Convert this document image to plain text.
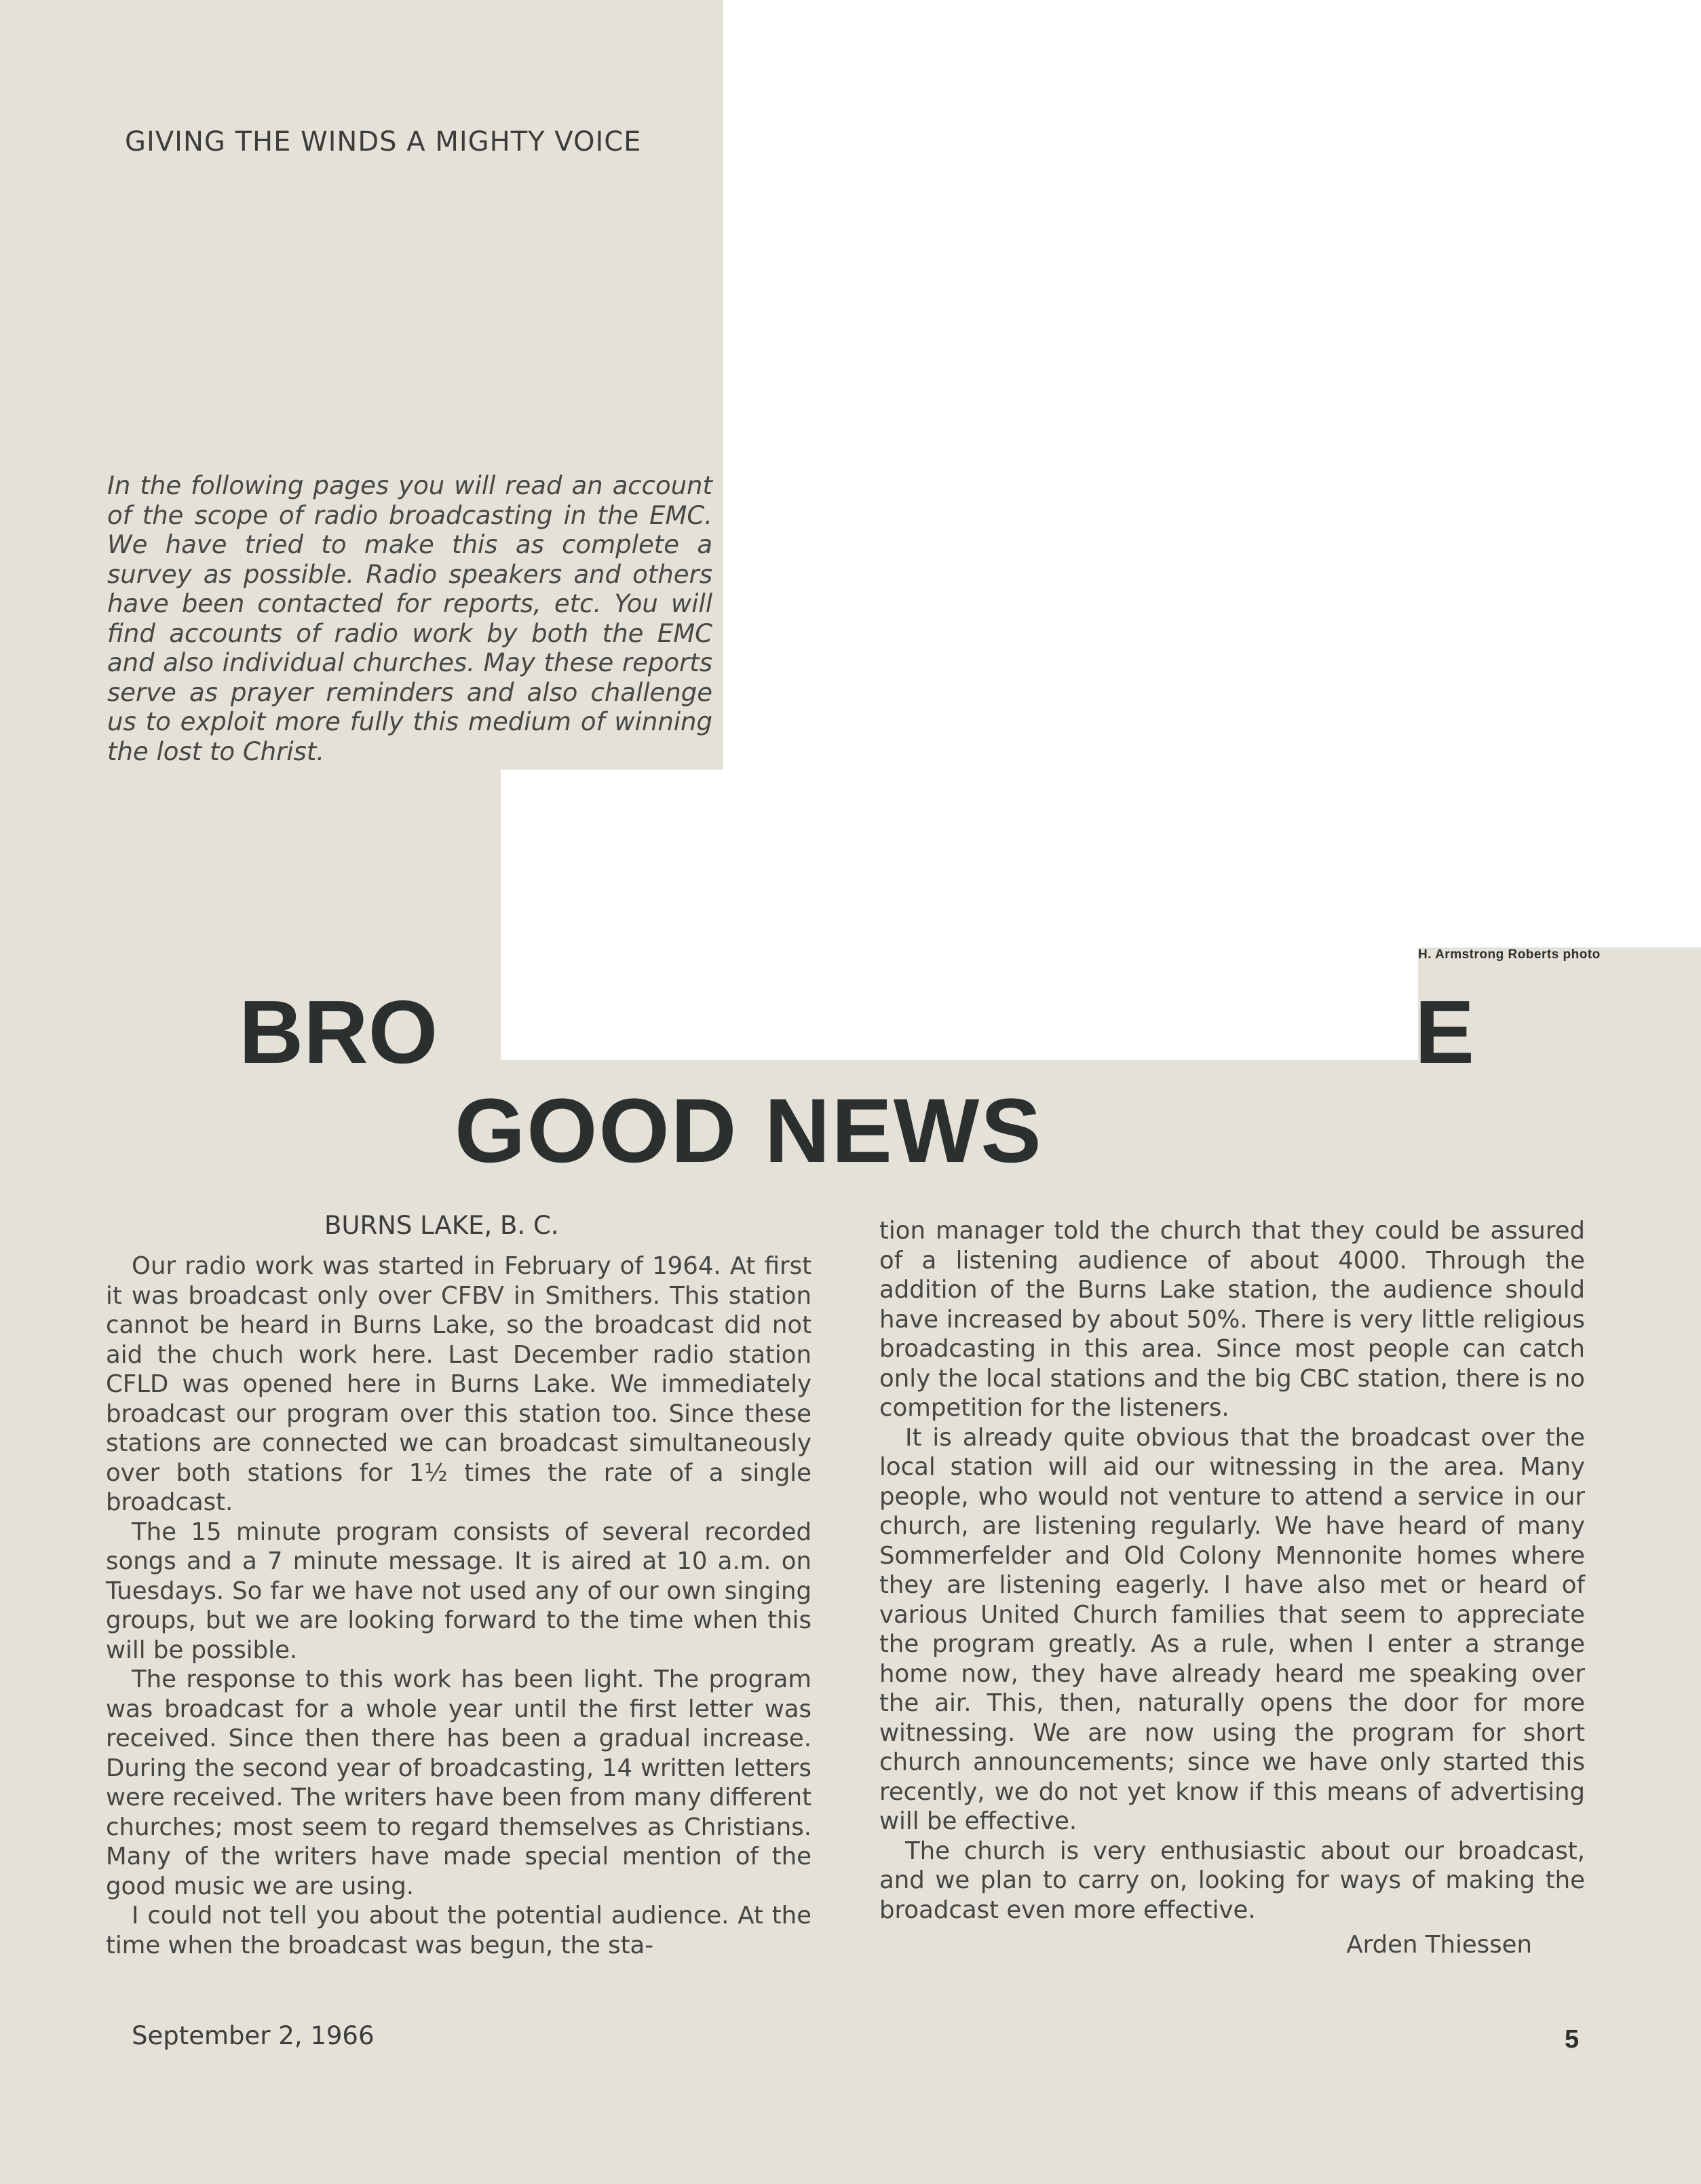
GIVING THE WINDS A MIGHTY VOICE

In the following pages you will read an account of the scope of radio broadcasting in the EMC. We have tried to make this as complete a survey as possible. Radio speakers and others have been contacted for reports, etc. You will find accounts of radio work by both the EMC and also individual churches. May these reports serve as prayer reminders and also challenge us to exploit more fully this medium of winning the lost to Christ.

H. Armstrong Roberts photo
BRO	E
GOOD NEWS
BURNS LAKE, B. C.

Our radio work was started in February of 1964. At first it was broadcast only over CFBV in Smithers. This station cannot be heard in Burns Lake, so the broadcast did not aid the chuch work here. Last December radio station CFLD was opened here in Burns Lake. We immediately broadcast our program over this station too. Since these stations are connected we can broadcast simultaneously over both stations for 1½ times the rate of a single broadcast.

The 15 minute program consists of several recorded songs and a 7 minute message. It is aired at 10 a.m. on Tuesdays. So far we have not used any of our own singing groups, but we are looking forward to the time when this will be possible.

The response to this work has been light. The program was broadcast for a whole year until the first letter was received. Since then there has been a gradual increase. During the second year of broadcasting, 14 written letters were received. The writers have been from many different churches; most seem to regard themselves as Christians. Many of the writers have made special mention of the good music we are using.

I could not tell you about the potential audience. At the time when the broadcast was begun, the sta-

tion manager told the church that they could be assured of a listening audience of about 4000. Through the addition of the Burns Lake station, the audience should have increased by about 50%. There is very little religious broadcasting in this area. Since most people can catch only the local stations and the big CBC station, there is no competition for the listeners.

It is already quite obvious that the broadcast over the local station will aid our witnessing in the area. Many people, who would not venture to attend a service in our church, are listening regularly. We have heard of many Sommerfelder and Old Colony Mennonite homes where they are listening eagerly. I have also met or heard of various United Church families that seem to appreciate the program greatly. As a rule, when I enter a strange home now, they have already heard me speaking over the air. This, then, naturally opens the door for more witnessing. We are now using the program for short church announcements; since we have only started this recently, we do not yet know if this means of advertising will be effective.

The church is very enthusiastic about our broadcast, and we plan to carry on, looking for ways of making the broadcast even more effective.

Arden Thiessen
September 2, 1966	5
